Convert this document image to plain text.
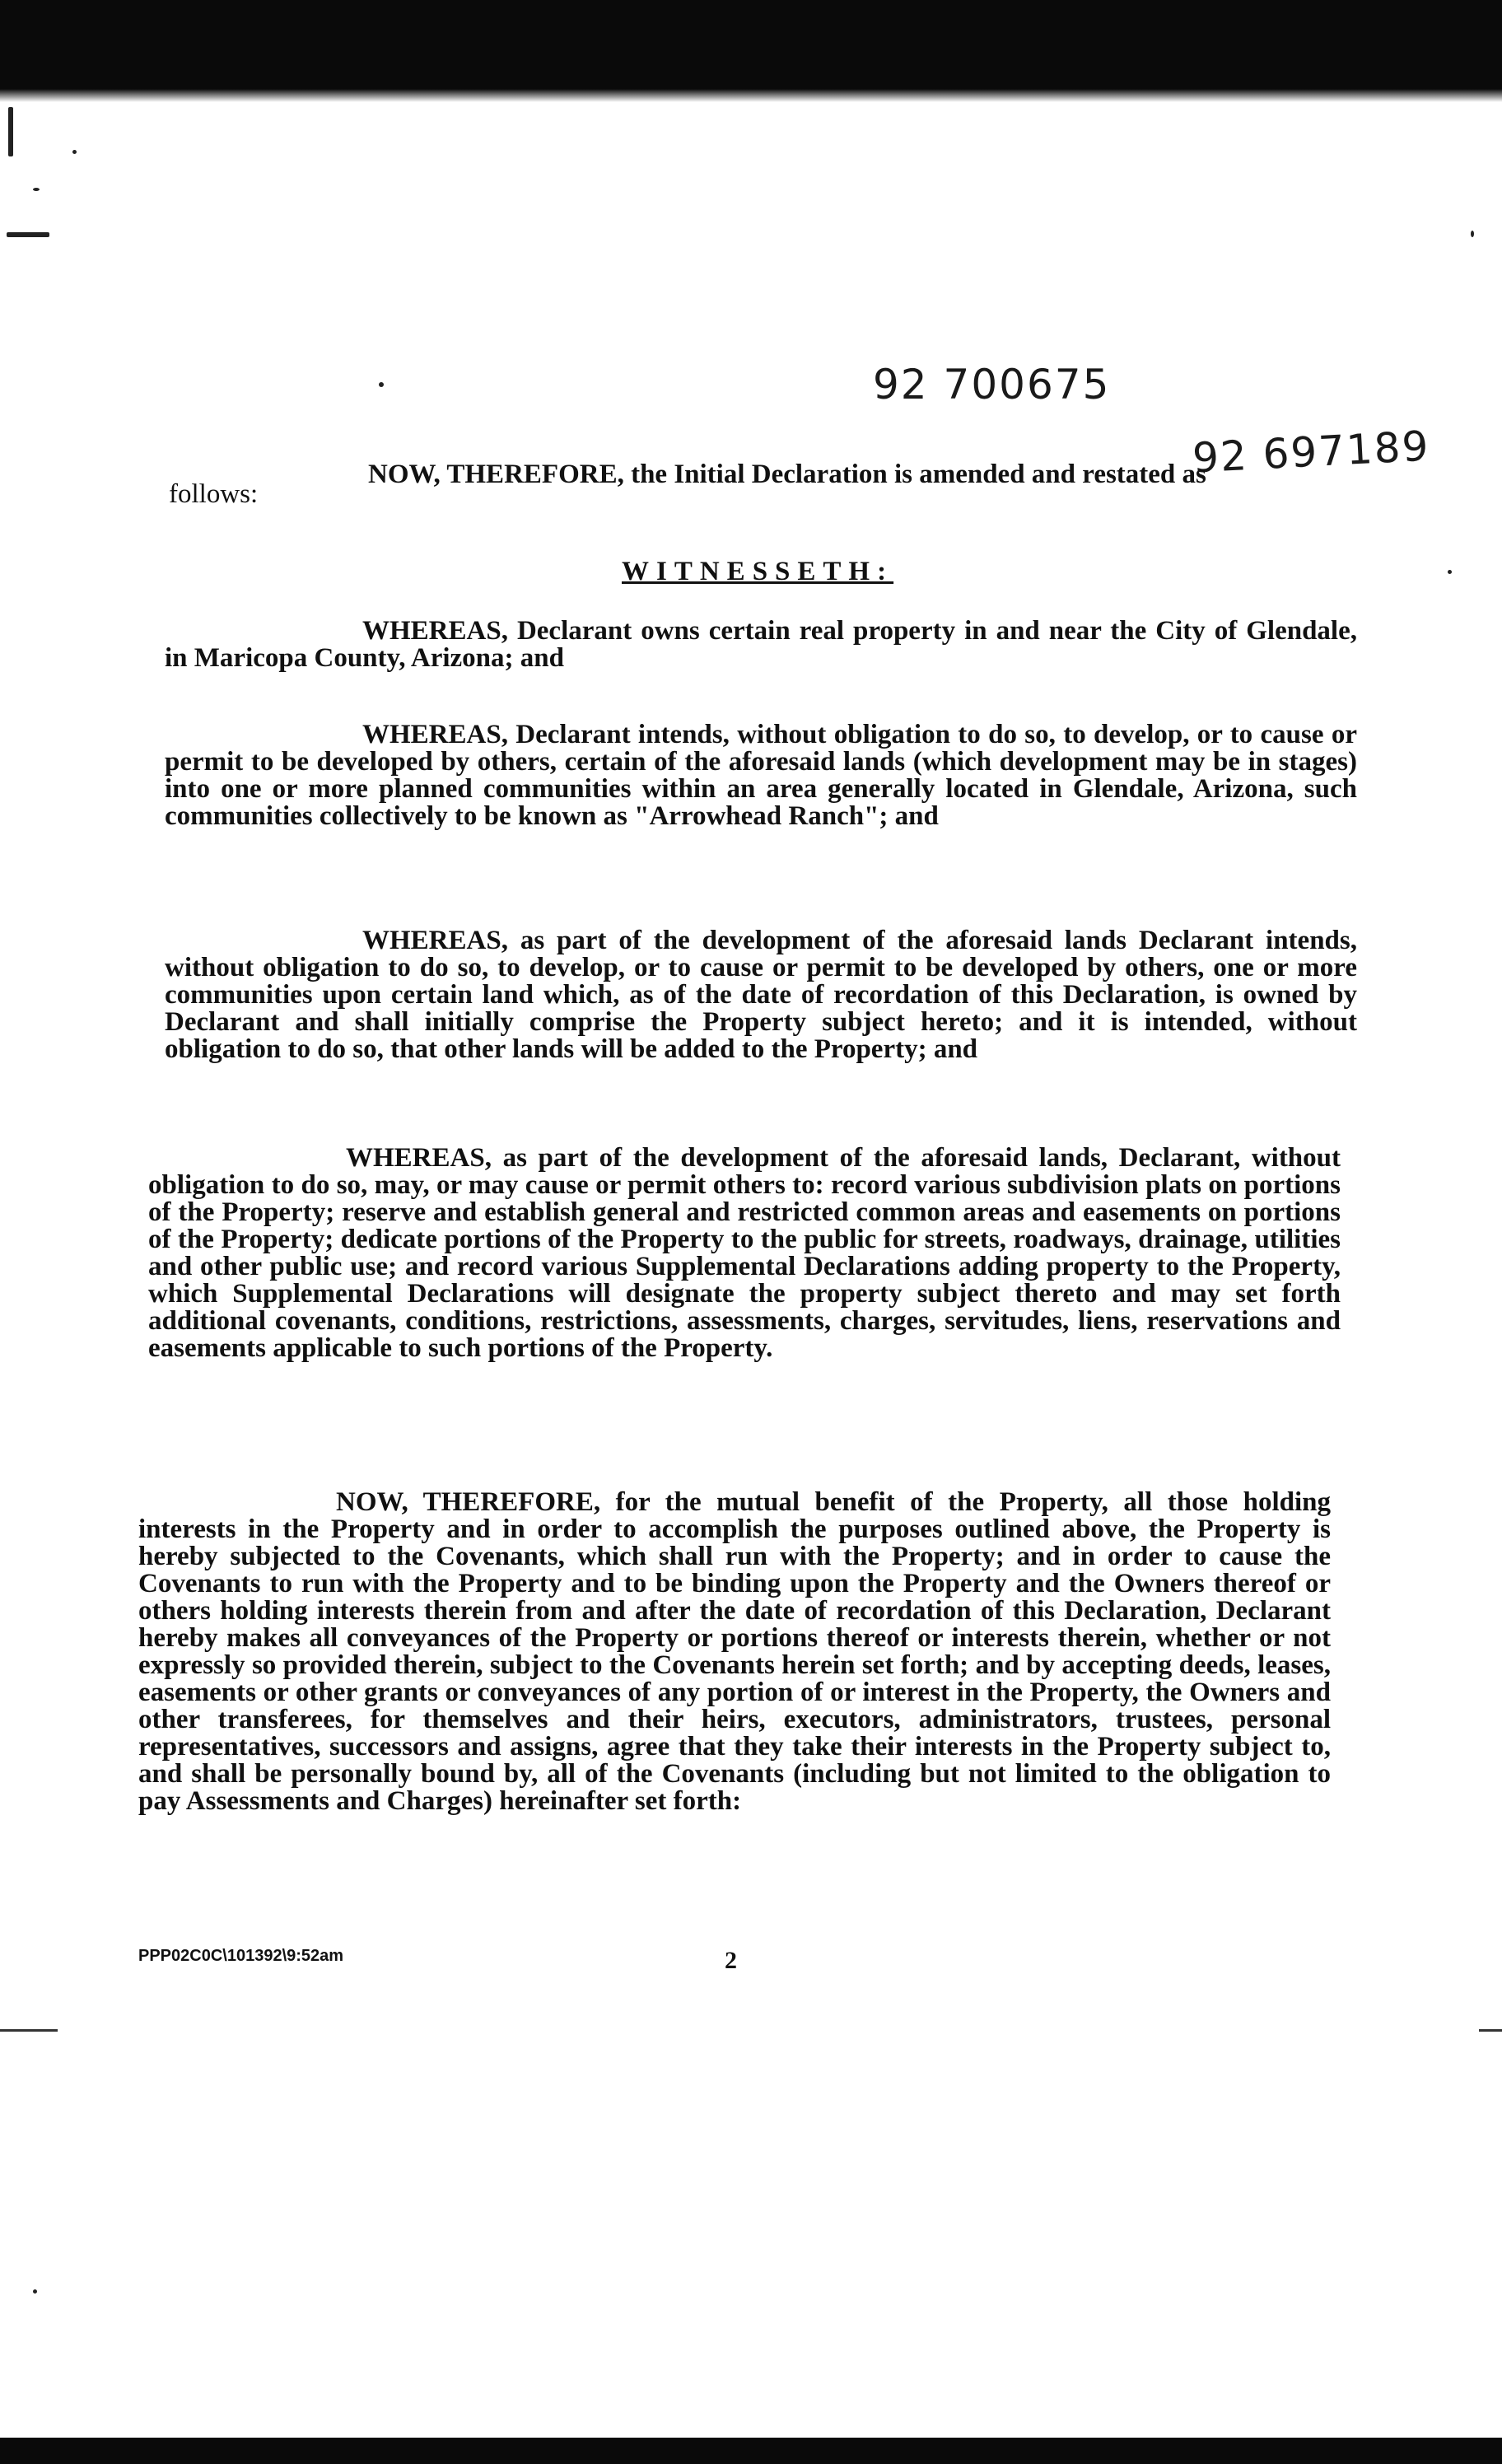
92 700675
92 697189
follows:
NOW, THEREFORE, the Initial Declaration is amended and restated as
WITNESSETH:
WHEREAS, Declarant owns certain real property in and near the City of Glendale, in Maricopa County, Arizona; and
WHEREAS, Declarant intends, without obligation to do so, to develop, or to cause or permit to be developed by others, certain of the aforesaid lands (which development may be in stages) into one or more planned communities within an area generally located in Glendale, Arizona, such communities collectively to be known as "Arrowhead Ranch"; and
WHEREAS, as part of the development of the aforesaid lands Declarant intends, without obligation to do so, to develop, or to cause or permit to be developed by others, one or more communities upon certain land which, as of the date of recordation of this Declaration, is owned by Declarant and shall initially comprise the Property subject hereto; and it is intended, without obligation to do so, that other lands will be added to the Property; and
WHEREAS, as part of the development of the aforesaid lands, Declarant, without obligation to do so, may, or may cause or permit others to: record various subdivision plats on portions of the Property; reserve and establish general and restricted common areas and easements on portions of the Property; dedicate portions of the Property to the public for streets, roadways, drainage, utilities and other public use; and record various Supplemental Declarations adding property to the Property, which Supplemental Declarations will designate the property subject thereto and may set forth additional covenants, conditions, restrictions, assessments, charges, servitudes, liens, reservations and easements applicable to such portions of the Property.
NOW, THEREFORE, for the mutual benefit of the Property, all those holding interests in the Property and in order to accomplish the purposes outlined above, the Property is hereby subjected to the Covenants, which shall run with the Property; and in order to cause the Covenants to run with the Property and to be binding upon the Property and the Owners thereof or others holding interests therein from and after the date of recordation of this Declaration, Declarant hereby makes all conveyances of the Property or portions thereof or interests therein, whether or not expressly so provided therein, subject to the Covenants herein set forth; and by accepting deeds, leases, easements or other grants or conveyances of any portion of or interest in the Property, the Owners and other transferees, for themselves and their heirs, executors, administrators, trustees, personal representatives, successors and assigns, agree that they take their interests in the Property subject to, and shall be personally bound by, all of the Covenants (including but not limited to the obligation to pay Assessments and Charges) hereinafter set forth:
PPP02C0C\101392\9:52am	2
